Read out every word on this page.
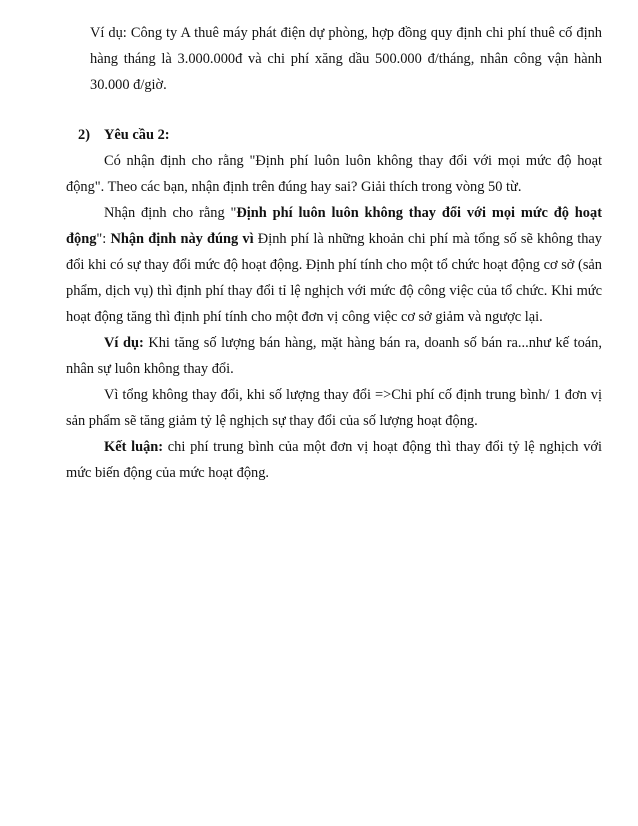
Ví dụ: Công ty A thuê máy phát điện dự phòng, hợp đồng quy định chi phí thuê cố định hàng tháng là 3.000.000đ và chi phí xăng dầu 500.000 đ/tháng, nhân công vận hành 30.000 đ/giờ.

2) Yêu cầu 2:

Có nhận định cho rằng "Định phí luôn luôn không thay đổi với mọi mức độ hoạt động". Theo các bạn, nhận định trên đúng hay sai? Giải thích trong vòng 50 từ.

Nhận định cho rằng "Định phí luôn luôn không thay đổi với mọi mức độ hoạt động": Nhận định này đúng vì Định phí là những khoản chi phí mà tổng số sẽ không thay đổi khi có sự thay đổi mức độ hoạt động. Định phí tính cho một tổ chức hoạt động cơ sở (sản phẩm, dịch vụ) thì định phí thay đổi tỉ lệ nghịch với mức độ công việc của tổ chức. Khi mức hoạt động tăng thì định phí tính cho một đơn vị công việc cơ sở giảm và ngược lại.

Ví dụ: Khi tăng số lượng bán hàng, mặt hàng bán ra, doanh số bán ra...như kế toán, nhân sự luôn không thay đổi.

Vì tổng không thay đổi, khi số lượng thay đổi =>Chi phí cố định trung bình/ 1 đơn vị sản phẩm sẽ tăng giảm tỷ lệ nghịch sự thay đổi của số lượng hoạt động.

Kết luận: chi phí trung bình của một đơn vị hoạt động thì thay đổi tỷ lệ nghịch với mức biến động của mức hoạt động.
